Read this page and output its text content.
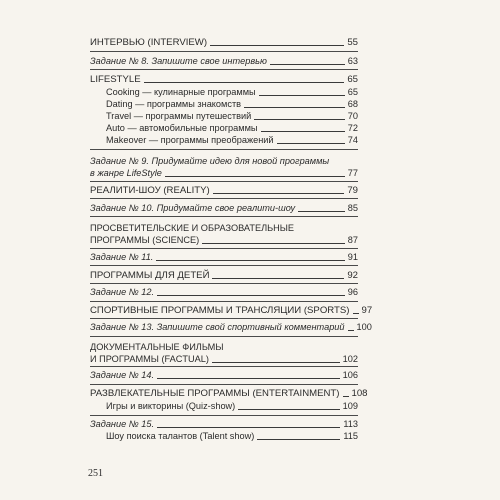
ИНТЕРВЬЮ (INTERVIEW)	55
Задание № 8. Запишите свое интервью	63
LIFESTYLE	65
Cooking — кулинарные программы	65
Dating — программы знакомств	68
Travel — программы путешествий	70
Auto — автомобильные программы	72
Makeover — программы преображений	74
Задание № 9. Придумайте идею для новой программы
в жанре LifeStyle	77
РЕАЛИТИ-ШОУ (REALITY)	79
Задание № 10. Придумайте свое реалити-шоу	85
ПРОСВЕТИТЕЛЬСКИЕ И ОБРАЗОВАТЕЛЬНЫЕ
ПРОГРАММЫ (SCIENCE)	87
Задание № 11.	91
ПРОГРАММЫ ДЛЯ ДЕТЕЙ	92
Задание № 12.	96
СПОРТИВНЫЕ ПРОГРАММЫ И ТРАНСЛЯЦИИ (SPORTS) 97
Задание № 13. Запишите свой спортивный комментарий 100
ДОКУМЕНТАЛЬНЫЕ ФИЛЬМЫ
И ПРОГРАММЫ (FACTUAL)	102
Задание № 14.	106
РАЗВЛЕКАТЕЛЬНЫЕ ПРОГРАММЫ (ENTERTAINMENT) 108
Игры и викторины (Quiz-show)	109
Задание № 15.	113
Шоу поиска талантов (Talent show)	115
251
